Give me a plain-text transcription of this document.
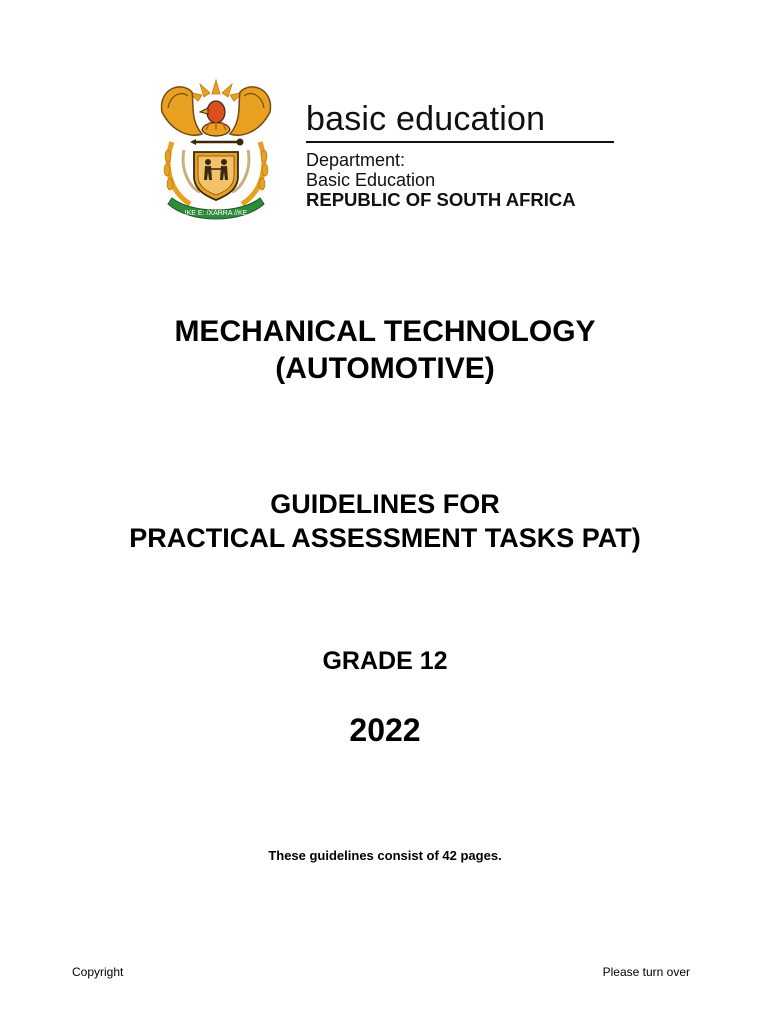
!KE E: /XARRA //KE
basic education
Department:
Basic Education
REPUBLIC OF SOUTH AFRICA
MECHANICAL TECHNOLOGY
(AUTOMOTIVE)
GUIDELINES FOR
PRACTICAL ASSESSMENT TASKS PAT)
GRADE 12
2022
These guidelines consist of 42 pages.
Copyright	Please turn over
